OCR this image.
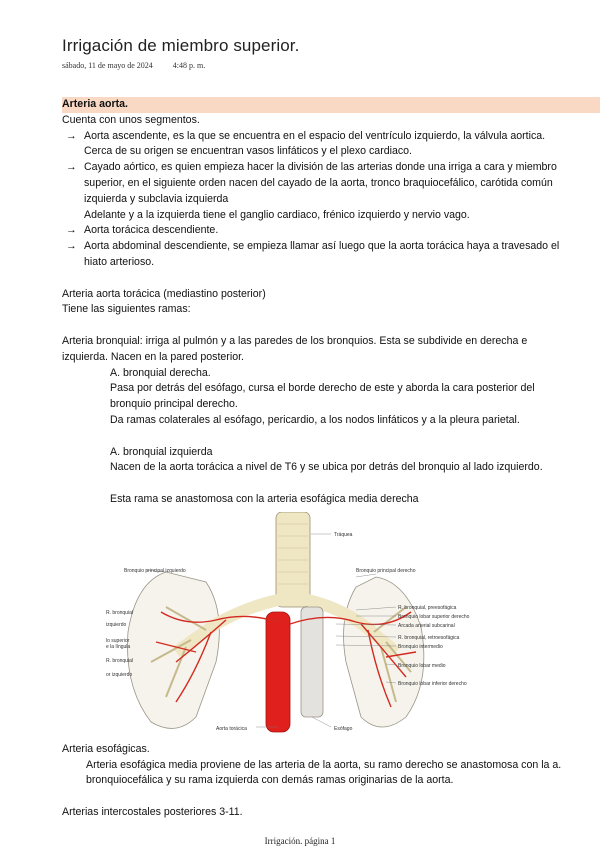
Irrigación de miembro superior.
sábado, 11 de mayo de 2024	4:48 p. m.
Arteria aorta.
Cuenta con unos segmentos.
→ Aorta ascendente, es la que se encuentra en el espacio del ventrículo izquierdo, la válvula aortica.
Cerca de su origen se encuentran vasos linfáticos y el plexo cardiaco.
→ Cayado aórtico, es quien empieza hacer la división de las arterias donde una irriga a cara y miembro
superior, en el siguiente orden nacen del cayado de la aorta, tronco braquiocefálico, carótida común
izquierda y subclavia izquierda
Adelante y a la izquierda tiene el ganglio cardiaco, frénico izquierdo y nervio vago.
→ Aorta torácica descendiente.
→ Aorta abdominal descendiente, se empieza llamar así luego que la aorta torácica haya a travesado el
hiato arterioso.
Arteria aorta torácica (mediastino posterior)
Tiene las siguientes ramas:
Arteria bronquial: irriga al pulmón y a las paredes de los bronquios. Esta se subdivide en derecha e
izquierda. Nacen en la pared posterior.
A. bronquial derecha.
Pasa por detrás del esófago, cursa el borde derecho de este y aborda la cara posterior del
bronquio principal derecho.
Da ramas colaterales al esófago, pericardio, a los nodos linfáticos y a la pleura parietal.
A. bronquial izquierda
Nacen de la aorta torácica a nivel de T6 y se ubica por detrás del bronquio al lado izquierdo.
Esta rama se anastomosa con la arteria esofágica media derecha
Tráquea
Bronquio principal izquierdo	Bronquio principal derecho
R. bronquial, preesofágica
Bronquio lobar superior derecho
Arcada arterial subcarinal
R. bronquial, retroesofágica
Bronquio intermedio
Bronquio lobar medio
Bronquio lobar inferior derecho
Esófago
R. bronquial
izquierdo
lo superior
e la língula
R. bronquial
or izquierdo
Aorta torácica
Arteria esofágicas.
Arteria esofágica media proviene de las arteria de la aorta, su ramo derecho se anastomosa con la a.
bronquiocefálica y su rama izquierda con demás ramas originarias de la aorta.
Arterias intercostales posteriores 3-11.
Irrigación. página 1
